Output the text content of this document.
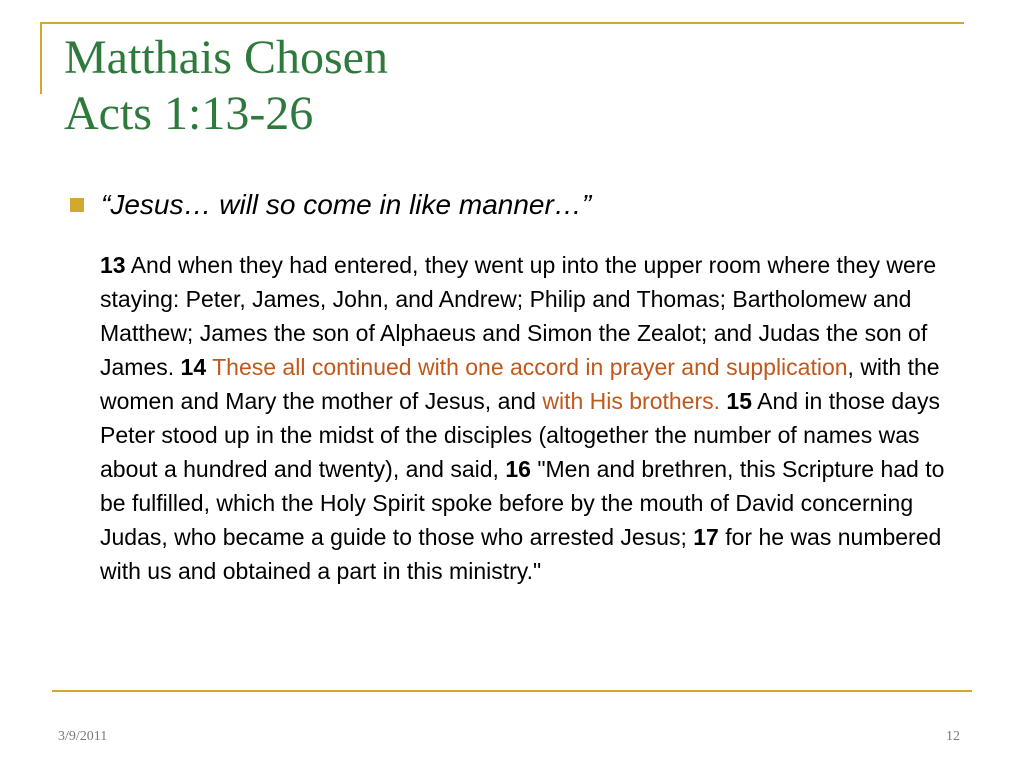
Matthais Chosen
Acts 1:13-26
“Jesus… will so come in like manner…”

13 And when they had entered, they went up into the upper room where they were staying: Peter, James, John, and Andrew; Philip and Thomas; Bartholomew and Matthew; James the son of Alphaeus and Simon the Zealot; and Judas the son of James. 14 These all continued with one accord in prayer and supplication, with the women and Mary the mother of Jesus, and with His brothers. 15 And in those days Peter stood up in the midst of the disciples (altogether the number of names was about a hundred and twenty), and said, 16 "Men and brethren, this Scripture had to be fulfilled, which the Holy Spirit spoke before by the mouth of David concerning Judas, who became a guide to those who arrested Jesus; 17 for he was numbered with us and obtained a part in this ministry."

3/9/2011	12
